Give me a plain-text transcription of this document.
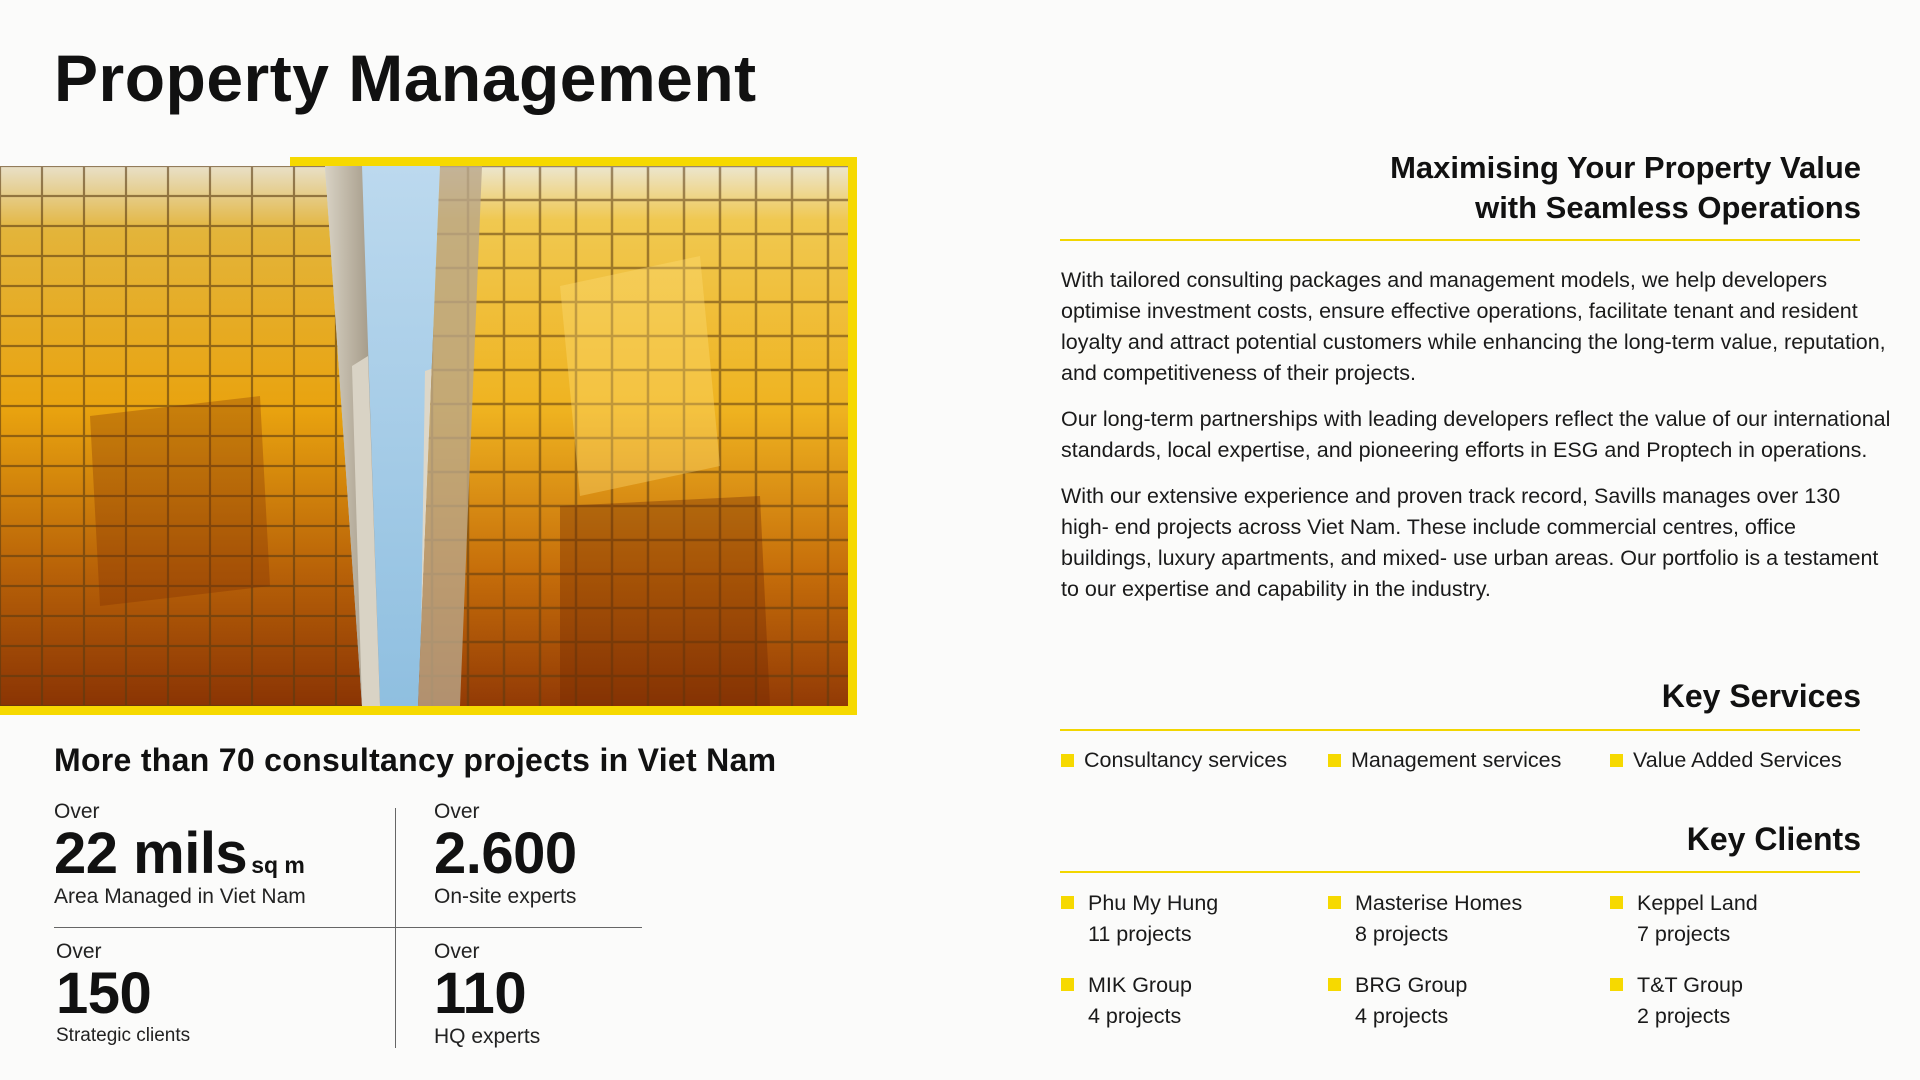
Property Management
More than 70 consultancy projects in Viet Nam
Over
22 mils sq m
Area Managed in Viet Nam
Over
2.600
On-site experts
Over
150
Strategic clients
Over
110
HQ experts
Maximising Your Property Value
with Seamless Operations

With tailored consulting packages and management models, we help developers optimise investment costs, ensure effective operations, facilitate tenant and resident loyalty and attract potential customers while enhancing the long-term value, reputation, and competitiveness of their projects.

Our long-term partnerships with leading developers reflect the value of our international standards, local expertise, and pioneering efforts in ESG and Proptech in operations.

With our extensive experience and proven track record, Savills manages over 130 high- end projects across Viet Nam. These include commercial centres, office buildings, luxury apartments, and mixed- use urban areas. Our portfolio is a testament to our expertise and capability in the industry.

Key Services
Consultancy services	Management services	Value Added Services
Key Clients
Phu My Hung
11 projects
Masterise Homes
8 projects
Keppel Land
7 projects
MIK Group
4 projects
BRG Group
4 projects
T&T Group
2 projects
